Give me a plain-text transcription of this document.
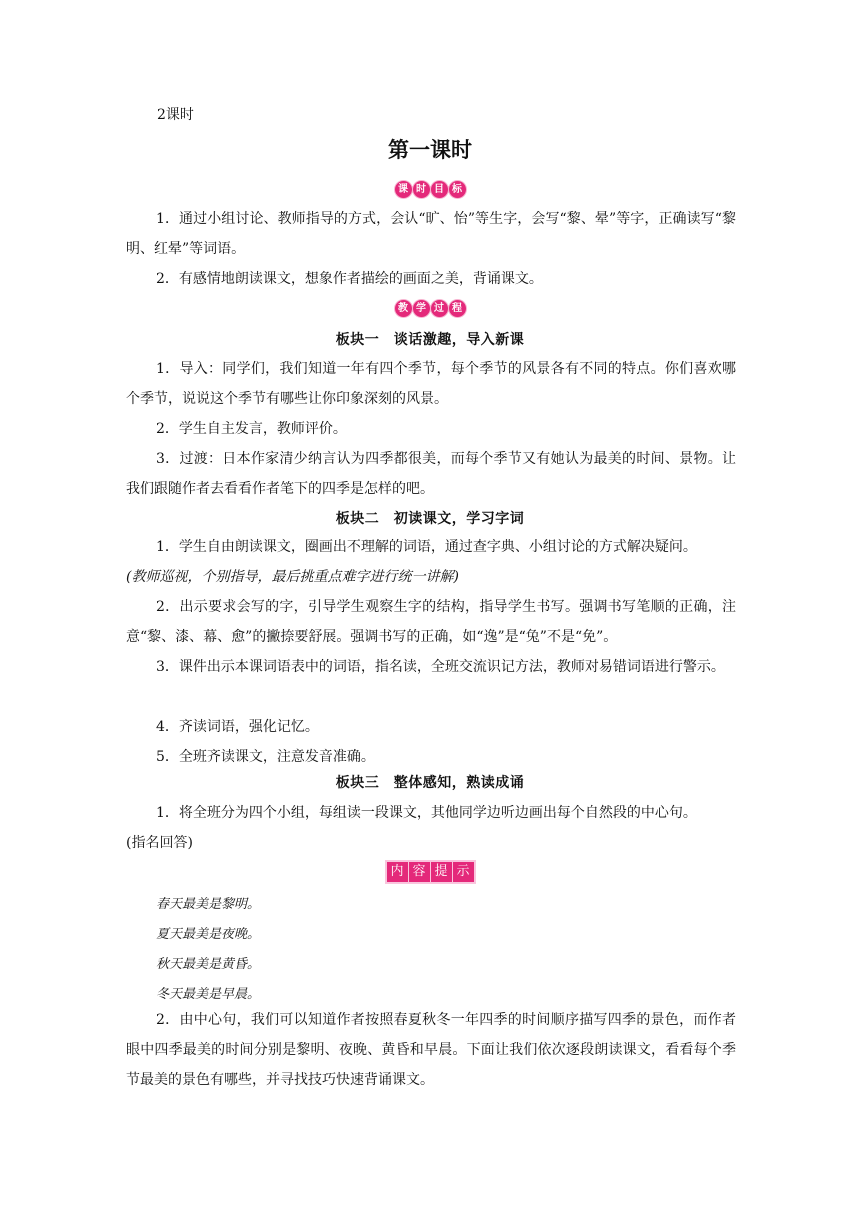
2课时
第一课时
课 时 目 标
1．通过小组讨论、教师指导的方式，会认“旷、怡”等生字，会写“黎、晕”等字，正确读写“黎明、红晕”等词语。
2．有感情地朗读课文，想象作者描绘的画面之美，背诵课文。
教 学 过 程
板块一　谈话激趣，导入新课
1．导入：同学们，我们知道一年有四个季节，每个季节的风景各有不同的特点。你们喜欢哪个季节，说说这个季节有哪些让你印象深刻的风景。
2．学生自主发言，教师评价。
3．过渡：日本作家清少纳言认为四季都很美，而每个季节又有她认为最美的时间、景物。让我们跟随作者去看看作者笔下的四季是怎样的吧。
板块二　初读课文，学习字词
1．学生自由朗读课文，圈画出不理解的词语，通过查字典、小组讨论的方式解决疑问。
(教师巡视，个别指导，最后挑重点难字进行统一讲解)
2．出示要求会写的字，引导学生观察生字的结构，指导学生书写。强调书写笔顺的正确，注意“黎、漆、幕、愈”的撇捺要舒展。强调书写的正确，如“逸”是“兔”不是“免”。
3．课件出示本课词语表中的词语，指名读，全班交流识记方法，教师对易错词语进行警示。
4．齐读词语，强化记忆。
5．全班齐读课文，注意发音准确。
板块三　整体感知，熟读成诵
1．将全班分为四个小组，每组读一段课文，其他同学边听边画出每个自然段的中心句。
(指名回答)
内 容 提 示
春天最美是黎明。
夏天最美是夜晚。
秋天最美是黄昏。
冬天最美是早晨。
2．由中心句，我们可以知道作者按照春夏秋冬一年四季的时间顺序描写四季的景色，而作者眼中四季最美的时间分别是黎明、夜晚、黄昏和早晨。下面让我们依次逐段朗读课文，看看每个季节最美的景色有哪些，并寻找技巧快速背诵课文。
